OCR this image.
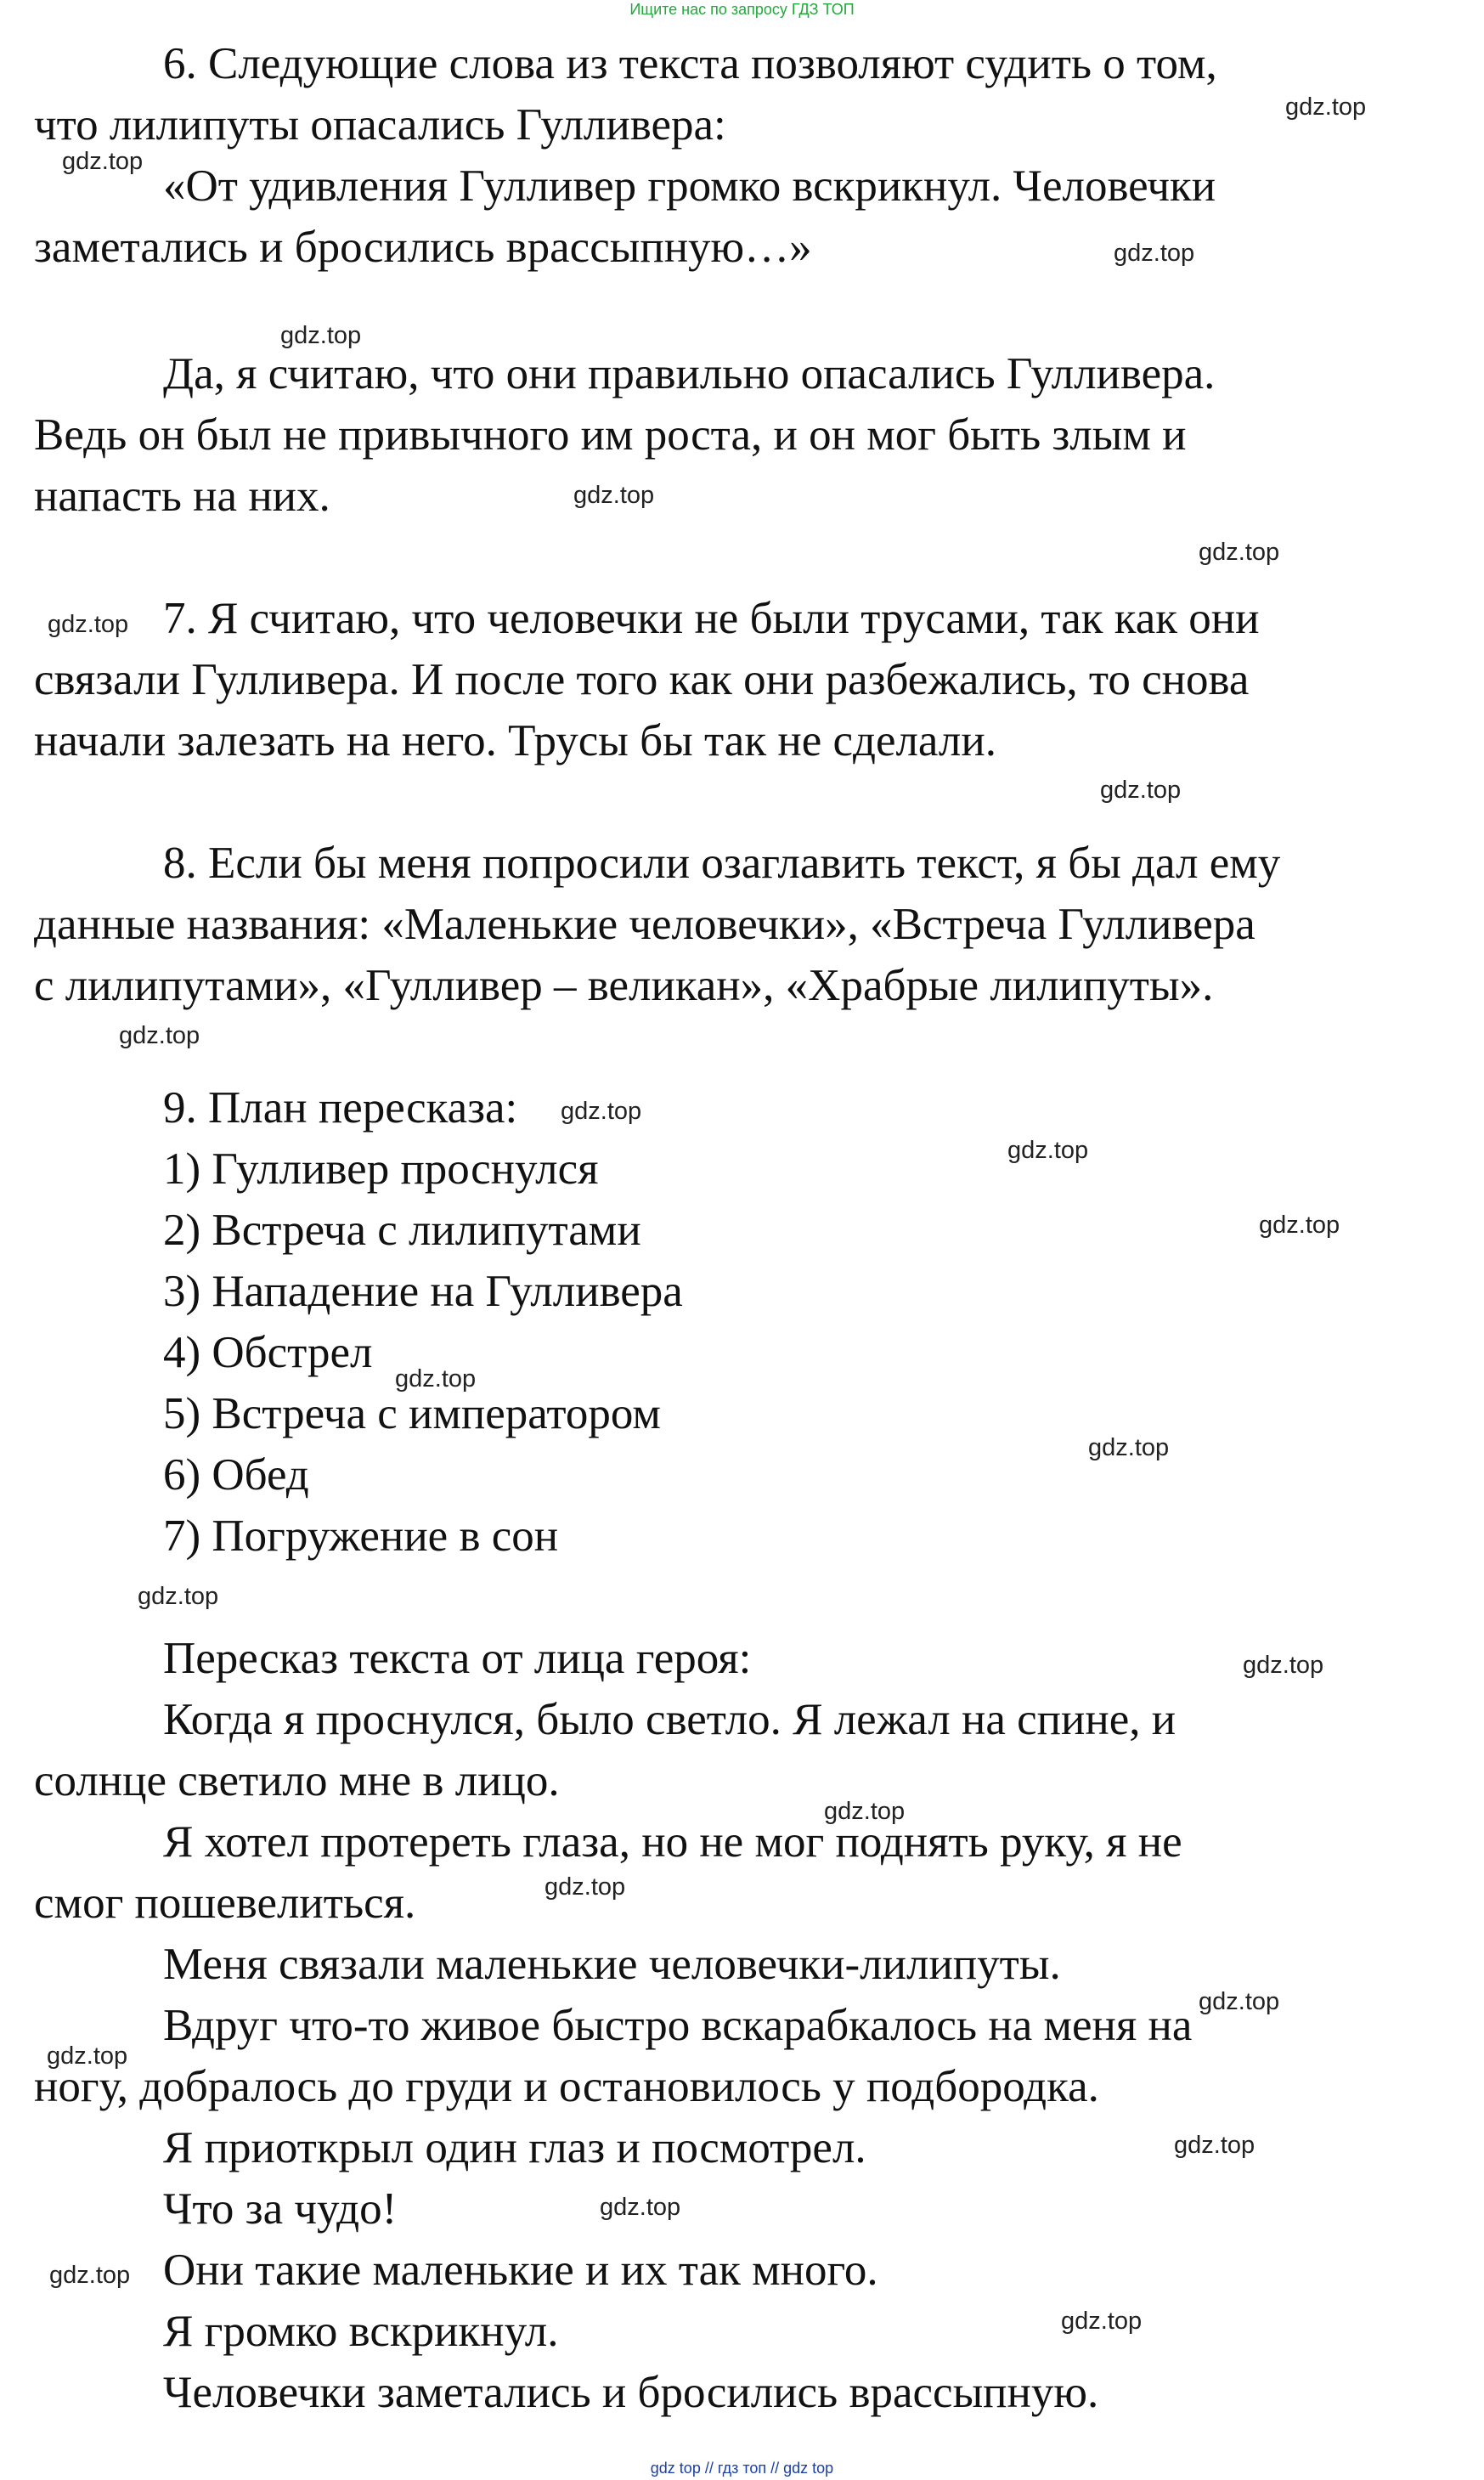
Ищите нас по запросу ГДЗ ТОП
6. Следующие слова из текста позволяют судить о том,
что лилипуты опасались Гулливера:
«От удивления Гулливер громко вскрикнул. Человечки
заметались и бросились врассыпную…»
Да, я считаю, что они правильно опасались Гулливера.
Ведь он был не привычного им роста, и он мог быть злым и
напасть на них.
7. Я считаю, что человечки не были трусами, так как они
связали Гулливера. И после того как они разбежались, то снова
начали залезать на него. Трусы бы так не сделали.
8. Если бы меня попросили озаглавить текст, я бы дал ему
данные названия: «Маленькие человечки», «Встреча Гулливера
с лилипутами», «Гулливер – великан», «Храбрые лилипуты».
9. План пересказа:
1) Гулливер проснулся
2) Встреча с лилипутами
3) Нападение на Гулливера
4) Обстрел
5) Встреча с императором
6) Обед
7) Погружение в сон
Пересказ текста от лица героя:
Когда я проснулся, было светло. Я лежал на спине, и
солнце светило мне в лицо.
Я хотел протереть глаза, но не мог поднять руку, я не
смог пошевелиться.
Меня связали маленькие человечки-лилипуты.
Вдруг что-то живое быстро вскарабкалось на меня на
ногу, добралось до груди и остановилось у подбородка.
Я приоткрыл один глаз и посмотрел.
Что за чудо!
Они такие маленькие и их так много.
Я громко вскрикнул.
Человечки заметались и бросились врассыпную.
gdz.top
gdz.top
gdz.top
gdz.top
gdz.top
gdz.top
gdz.top
gdz.top
gdz.top
gdz.top
gdz.top
gdz.top
gdz.top
gdz.top
gdz.top
gdz.top
gdz.top
gdz.top
gdz.top
gdz.top
gdz.top
gdz.top
gdz.top
gdz.top
gdz top // гдз топ // gdz top
